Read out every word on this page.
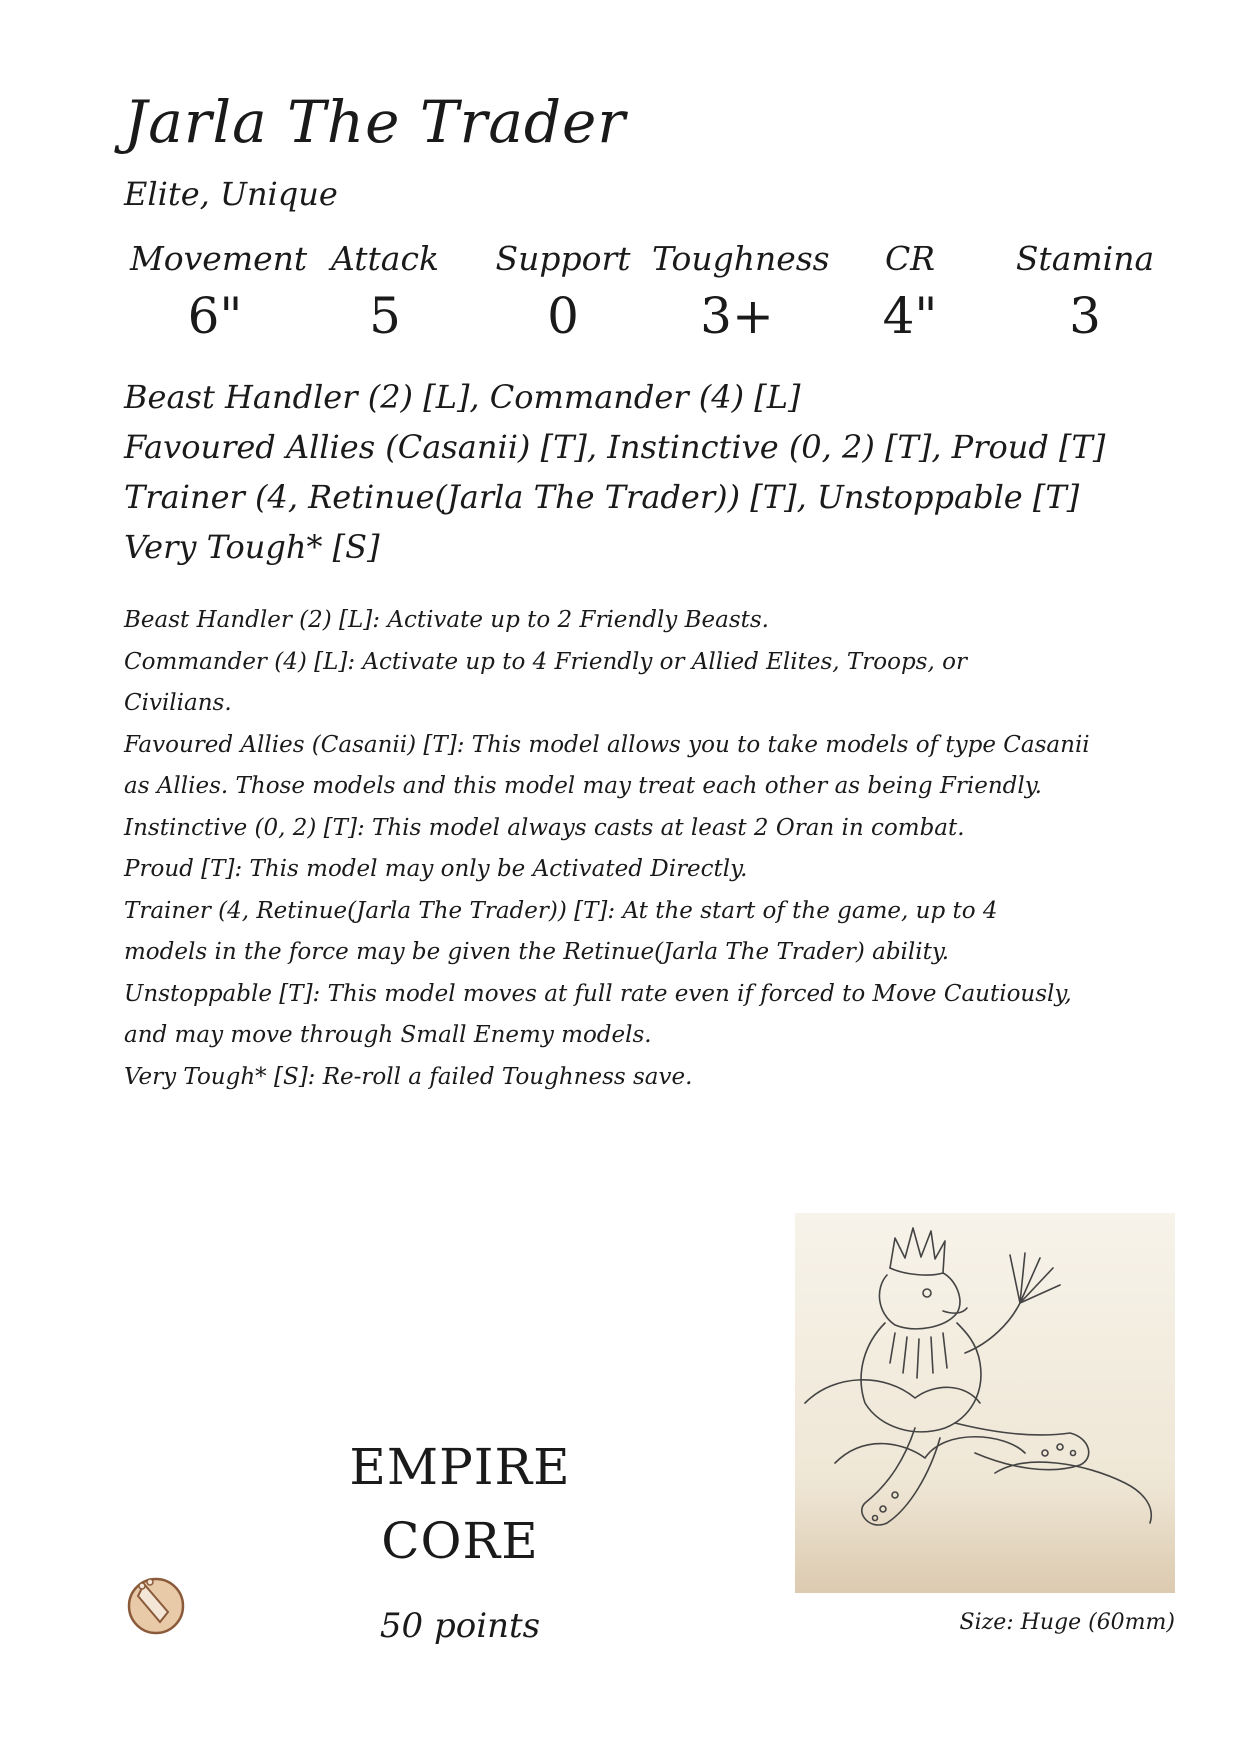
Jarla The Trader
Elite, Unique
Movement
6"
Attack
5
Support
0
Toughness
3+
CR
4"
Stamina
3
Beast Handler (2) [L], Commander (4) [L]
Favoured Allies (Casanii) [T], Instinctive (0, 2) [T], Proud [T]
Trainer (4, Retinue(Jarla The Trader)) [T], Unstoppable [T]
Very Tough* [S]
Beast Handler (2) [L]: Activate up to 2 Friendly Beasts.
Commander (4) [L]: Activate up to 4 Friendly or Allied Elites, Troops, or
Civilians.
Favoured Allies (Casanii) [T]: This model allows you to take models of type Casanii
as Allies. Those models and this model may treat each other as being Friendly.
Instinctive (0, 2) [T]: This model always casts at least 2 Oran in combat.
Proud [T]: This model may only be Activated Directly.
Trainer (4, Retinue(Jarla The Trader)) [T]: At the start of the game, up to 4
models in the force may be given the Retinue(Jarla The Trader) ability.
Unstoppable [T]: This model moves at full rate even if forced to Move Cautiously,
and may move through Small Enemy models.
Very Tough* [S]: Re-roll a failed Toughness save.
EMPIRE
CORE
50 points	Size: Huge (60mm)
